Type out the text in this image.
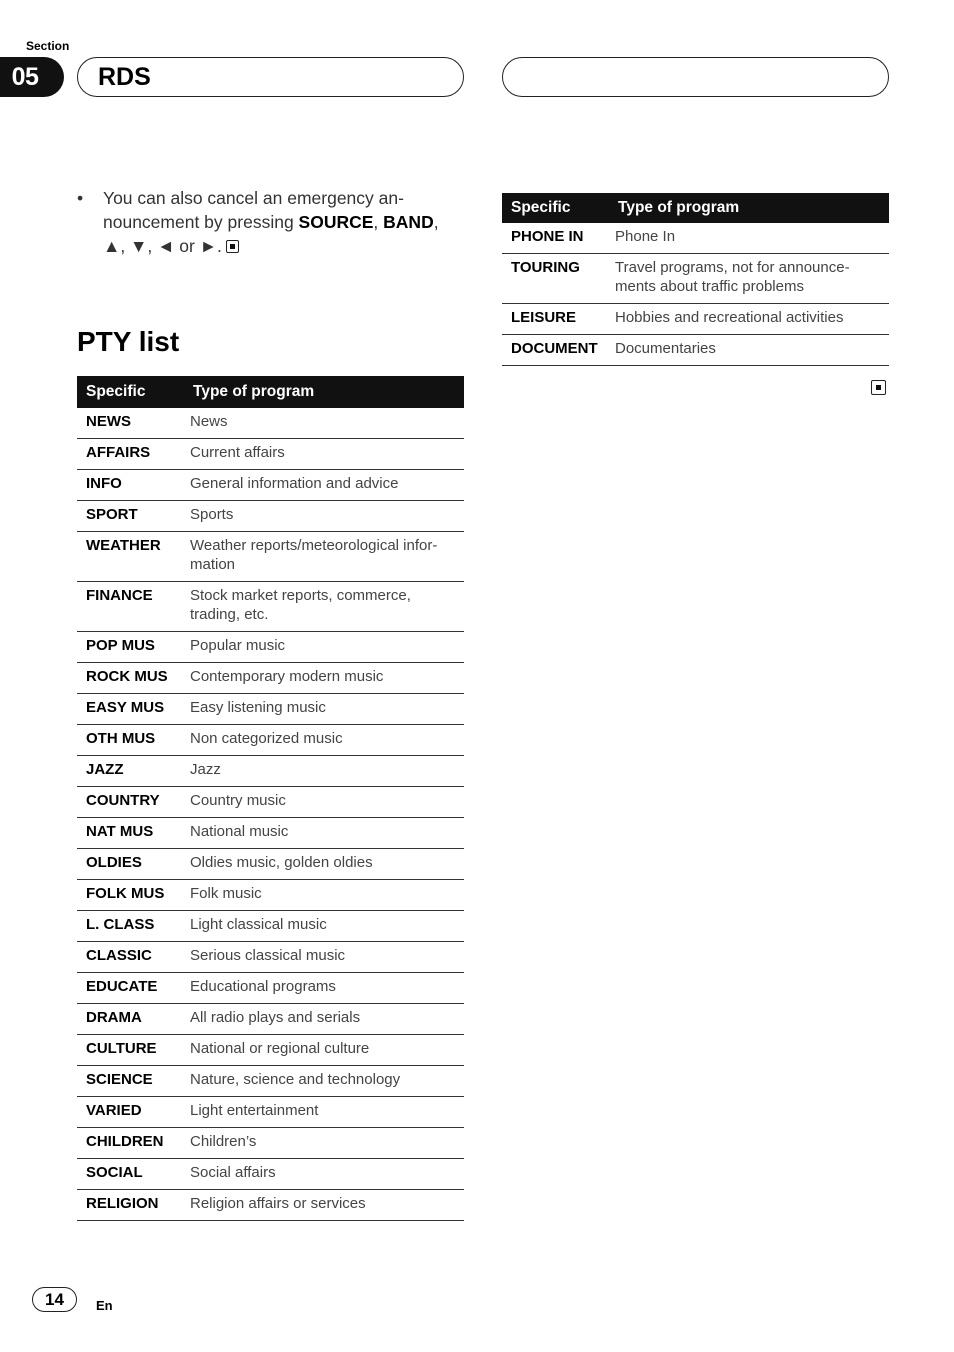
Section
05	RDS
• You can also cancel an emergency an-nouncement by pressing SOURCE, BAND, ▲, ▼, ◄ or ►.
PTY list
Specific	Type of program
NEWS	News
AFFAIRS	Current affairs
INFO	General information and advice
SPORT	Sports
WEATHER	Weather reports/meteorological infor-mation
FINANCE	Stock market reports, commerce, trading, etc.
POP MUS	Popular music
ROCK MUS	Contemporary modern music
EASY MUS	Easy listening music
OTH MUS	Non categorized music
JAZZ	Jazz
COUNTRY	Country music
NAT MUS	National music
OLDIES	Oldies music, golden oldies
FOLK MUS	Folk music
L. CLASS	Light classical music
CLASSIC	Serious classical music
EDUCATE	Educational programs
DRAMA	All radio plays and serials
CULTURE	National or regional culture
SCIENCE	Nature, science and technology
VARIED	Light entertainment
CHILDREN	Children’s
SOCIAL	Social affairs
RELIGION	Religion affairs or services
Specific	Type of program
PHONE IN	Phone In
TOURING	Travel programs, not for announce-ments about traffic problems
LEISURE	Hobbies and recreational activities
DOCUMENT	Documentaries
14	En
